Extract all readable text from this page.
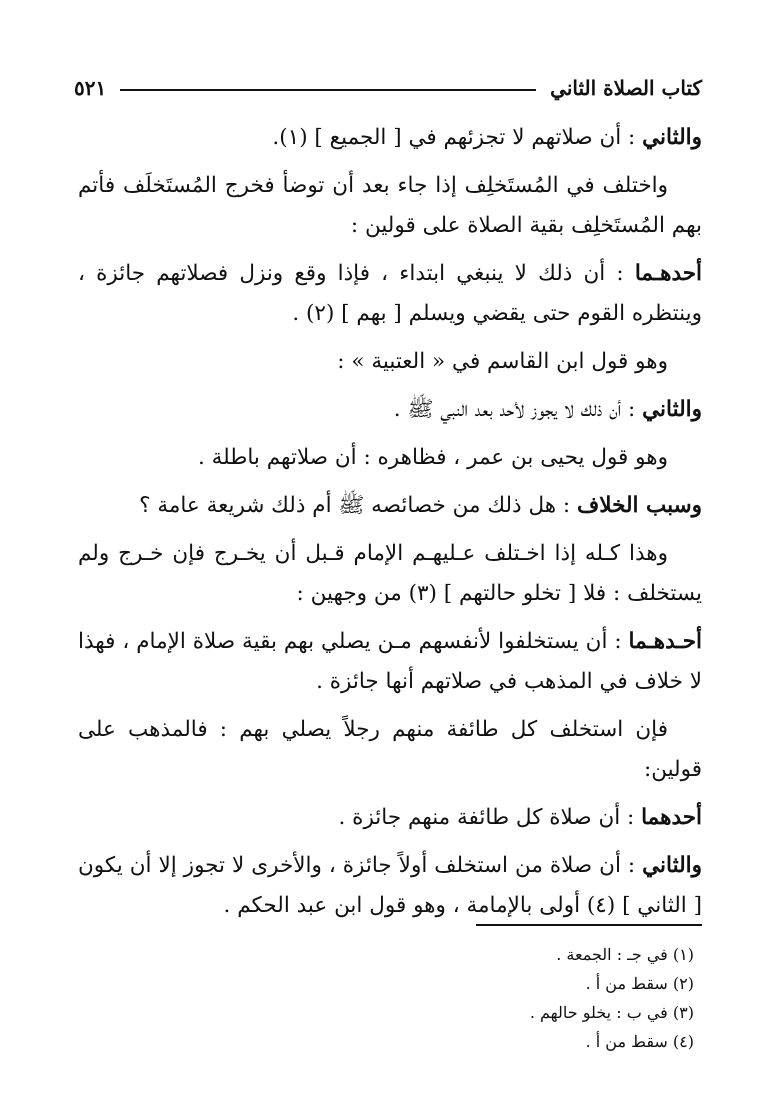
كتاب الصلاة الثاني
٥٢١

والثاني : أن صلاتهم لا تجزئهم في [ الجميع ] (١).

واختلف في المُستَخلِف إذا جاء بعد أن توضأ فخرج المُستَخلَف فأتم بهم المُستَخلِف بقية الصلاة على قولين :

أحدهـما : أن ذلك لا ينبغي ابتداء ، فإذا وقع ونزل فصلاتهم جائزة ، وينتظره القوم حتى يقضي ويسلم [ بهم ] (٢) .

وهو قول ابن القاسم في « العتبية » :

والثاني : أن ذلك لا يجوز لأحد بعد النبي ﷺ .

وهو قول يحيى بن عمر ، فظاهره : أن صلاتهم باطلة .

وسبب الخلاف : هل ذلك من خصائصه ﷺ أم ذلك شريعة عامة ؟

وهذا كـله إذا اخـتلف عـليهـم الإمام قـبل أن يخـرج فإن خـرج ولم يستخلف : فلا [ تخلو حالتهم ] (٣) من وجهين :

أحـدهـما : أن يستخلفوا لأنفسهم مـن يصلي بهم بقية صلاة الإمام ، فهذا لا خلاف في المذهب في صلاتهم أنها جائزة .

فإن استخلف كل طائفة منهم رجلاً يصلي بهم : فالمذهب على قولين:

أحدهما : أن صلاة كل طائفة منهم جائزة .

والثاني : أن صلاة من استخلف أولاً جائزة ، والأخرى لا تجوز إلا أن يكون [ الثاني ] (٤) أولى بالإمامة ، وهو قول ابن عبد الحكم .

(١) في جـ : الجمعة .

(٢) سقط من أ .

(٣) في ب : يخلو حالهم .

(٤) سقط من أ .
